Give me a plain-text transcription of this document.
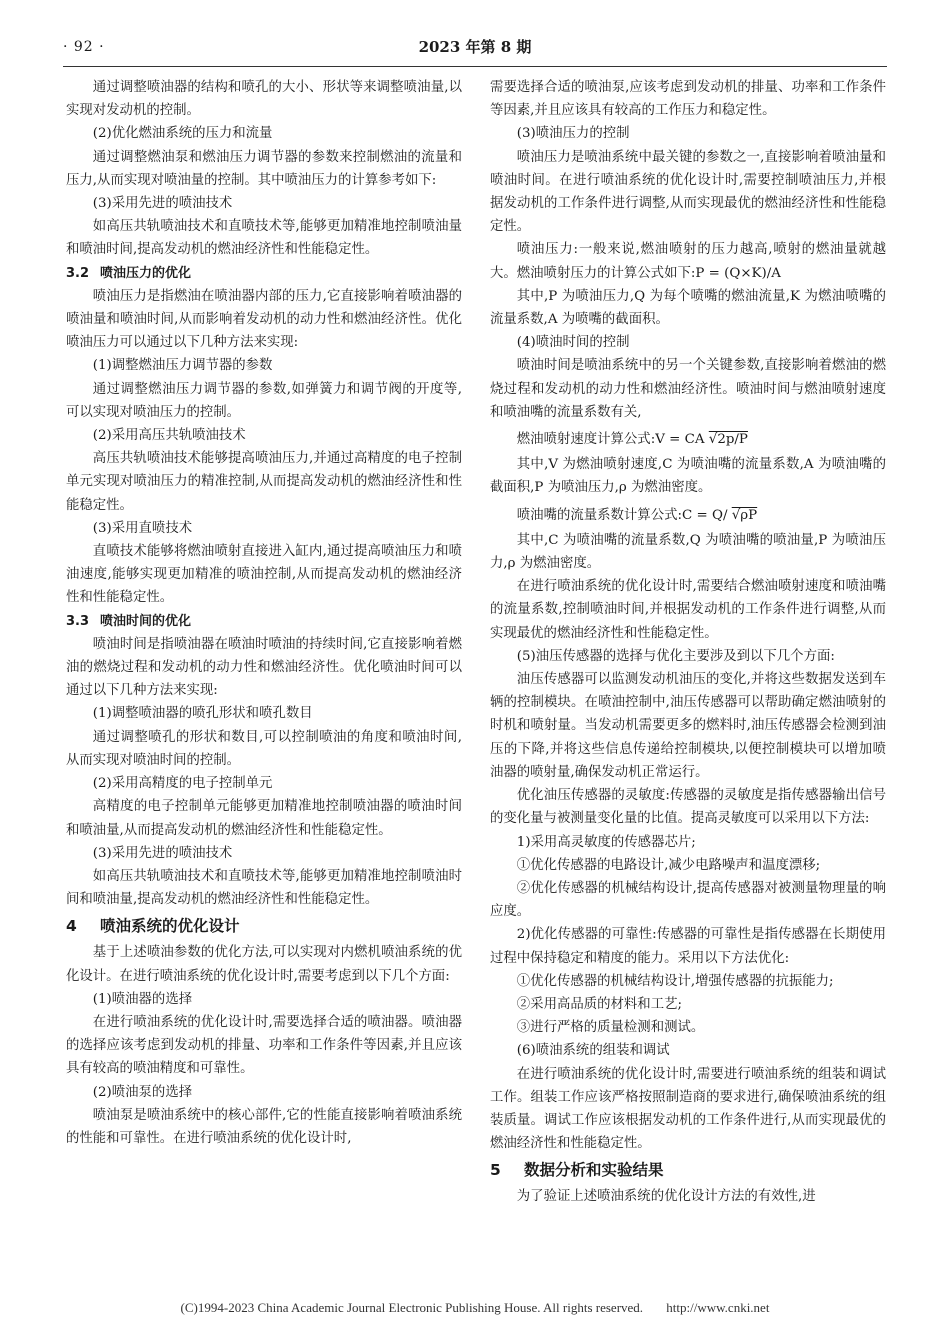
· 92 ·	2023 年第 8 期

通过调整喷油器的结构和喷孔的大小、形状等来调整喷油量,以实现对发动机的控制。

(2)优化燃油系统的压力和流量

通过调整燃油泵和燃油压力调节器的参数来控制燃油的流量和压力,从而实现对喷油量的控制。其中喷油压力的计算参考如下:

(3)采用先进的喷油技术

如高压共轨喷油技术和直喷技术等,能够更加精准地控制喷油量和喷油时间,提高发动机的燃油经济性和性能稳定性。

3.2 喷油压力的优化

喷油压力是指燃油在喷油器内部的压力,它直接影响着喷油器的喷油量和喷油时间,从而影响着发动机的动力性和燃油经济性。优化喷油压力可以通过以下几种方法来实现:

(1)调整燃油压力调节器的参数

通过调整燃油压力调节器的参数,如弹簧力和调节阀的开度等,可以实现对喷油压力的控制。

(2)采用高压共轨喷油技术

高压共轨喷油技术能够提高喷油压力,并通过高精度的电子控制单元实现对喷油压力的精准控制,从而提高发动机的燃油经济性和性能稳定性。

(3)采用直喷技术

直喷技术能够将燃油喷射直接进入缸内,通过提高喷油压力和喷油速度,能够实现更加精准的喷油控制,从而提高发动机的燃油经济性和性能稳定性。

3.3 喷油时间的优化

喷油时间是指喷油器在喷油时喷油的持续时间,它直接影响着燃油的燃烧过程和发动机的动力性和燃油经济性。优化喷油时间可以通过以下几种方法来实现:

(1)调整喷油器的喷孔形状和喷孔数目

通过调整喷孔的形状和数目,可以控制喷油的角度和喷油时间,从而实现对喷油时间的控制。

(2)采用高精度的电子控制单元

高精度的电子控制单元能够更加精准地控制喷油器的喷油时间和喷油量,从而提高发动机的燃油经济性和性能稳定性。

(3)采用先进的喷油技术

如高压共轨喷油技术和直喷技术等,能够更加精准地控制喷油时间和喷油量,提高发动机的燃油经济性和性能稳定性。

4 喷油系统的优化设计

基于上述喷油参数的优化方法,可以实现对内燃机喷油系统的优化设计。在进行喷油系统的优化设计时,需要考虑到以下几个方面:

(1)喷油器的选择

在进行喷油系统的优化设计时,需要选择合适的喷油器。喷油器的选择应该考虑到发动机的排量、功率和工作条件等因素,并且应该具有较高的喷油精度和可靠性。

(2)喷油泵的选择

喷油泵是喷油系统中的核心部件,它的性能直接影响着喷油系统的性能和可靠性。在进行喷油系统的优化设计时,

需要选择合适的喷油泵,应该考虑到发动机的排量、功率和工作条件等因素,并且应该具有较高的工作压力和稳定性。

(3)喷油压力的控制

喷油压力是喷油系统中最关键的参数之一,直接影响着喷油量和喷油时间。在进行喷油系统的优化设计时,需要控制喷油压力,并根据发动机的工作条件进行调整,从而实现最优的燃油经济性和性能稳定性。

喷油压力:一般来说,燃油喷射的压力越高,喷射的燃油量就越大。燃油喷射压力的计算公式如下:P = (Q×K)/A

其中,P 为喷油压力,Q 为每个喷嘴的燃油流量,K 为燃油喷嘴的流量系数,A 为喷嘴的截面积。

(4)喷油时间的控制

喷油时间是喷油系统中的另一个关键参数,直接影响着燃油的燃烧过程和发动机的动力性和燃油经济性。喷油时间与燃油喷射速度和喷油嘴的流量系数有关,

燃油喷射速度计算公式:V = CA √2p/P

其中,V 为燃油喷射速度,C 为喷油嘴的流量系数,A 为喷油嘴的截面积,P 为喷油压力,ρ 为燃油密度。

喷油嘴的流量系数计算公式:C = Q/ √ρP

其中,C 为喷油嘴的流量系数,Q 为喷油嘴的喷油量,P 为喷油压力,ρ 为燃油密度。

在进行喷油系统的优化设计时,需要结合燃油喷射速度和喷油嘴的流量系数,控制喷油时间,并根据发动机的工作条件进行调整,从而实现最优的燃油经济性和性能稳定性。

(5)油压传感器的选择与优化主要涉及到以下几个方面:

油压传感器可以监测发动机油压的变化,并将这些数据发送到车辆的控制模块。在喷油控制中,油压传感器可以帮助确定燃油喷射的时机和喷射量。当发动机需要更多的燃料时,油压传感器会检测到油压的下降,并将这些信息传递给控制模块,以便控制模块可以增加喷油器的喷射量,确保发动机正常运行。

优化油压传感器的灵敏度:传感器的灵敏度是指传感器输出信号的变化量与被测量变化量的比值。提高灵敏度可以采用以下方法:

1)采用高灵敏度的传感器芯片;

①优化传感器的电路设计,减少电路噪声和温度漂移;

②优化传感器的机械结构设计,提高传感器对被测量物理量的响应度。

2)优化传感器的可靠性:传感器的可靠性是指传感器在长期使用过程中保持稳定和精度的能力。采用以下方法优化:

①优化传感器的机械结构设计,增强传感器的抗振能力;

②采用高品质的材料和工艺;

③进行严格的质量检测和测试。

(6)喷油系统的组装和调试

在进行喷油系统的优化设计时,需要进行喷油系统的组装和调试工作。组装工作应该严格按照制造商的要求进行,确保喷油系统的组装质量。调试工作应该根据发动机的工作条件进行,从而实现最优的燃油经济性和性能稳定性。

5 数据分析和实验结果

为了验证上述喷油系统的优化设计方法的有效性,进

(C)1994-2023 China Academic Journal Electronic Publishing House. All rights reserved. http://www.cnki.net
